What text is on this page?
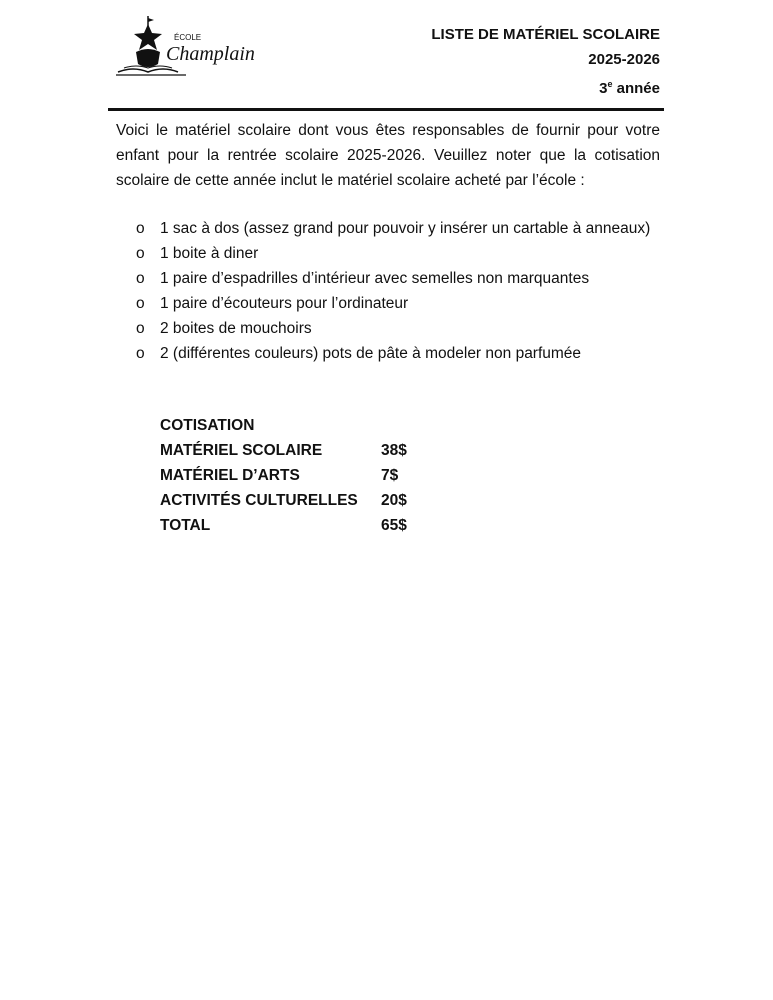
ÉCOLE
Champlain
LISTE DE MATÉRIEL SCOLAIRE
2025-2026
3e année

Voici le matériel scolaire dont vous êtes responsables de fournir pour votre enfant pour la rentrée scolaire 2025-2026. Veuillez noter que la cotisation scolaire de cette année inclut le matériel scolaire acheté par l’école :

o 1 sac à dos (assez grand pour pouvoir y insérer un cartable à anneaux)
o 1 boite à diner
o 1 paire d’espadrilles d’intérieur avec semelles non marquantes
o 1 paire d’écouteurs pour l’ordinateur
o 2 boites de mouchoirs
o 2 (différentes couleurs) pots de pâte à modeler non parfumée
COTISATION
MATÉRIEL SCOLAIRE	38$
MATÉRIEL D’ARTS	7$
ACTIVITÉS CULTURELLES	20$
TOTAL	65$
